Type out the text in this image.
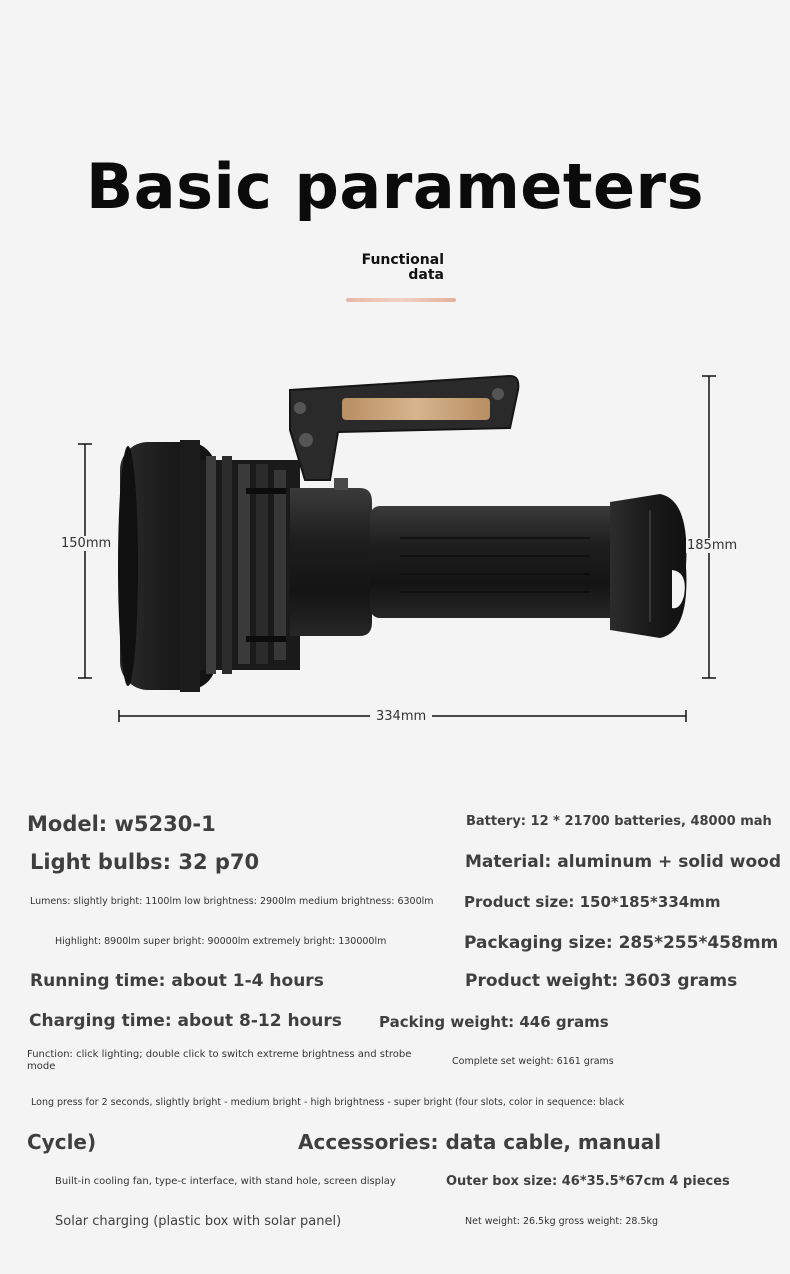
Basic parameters
Functional data
150mm	185mm
334mm
Model: w5230-1	Battery: 12 * 21700 batteries, 48000 mah
Light bulbs: 32 p70	Material: aluminum + solid wood
Lumens: slightly bright: 1100lm low brightness: 2900lm medium brightness: 6300lm Product size: 150*185*334mm
Highlight: 8900lm super bright: 90000lm extremely bright: 130000lm	Packaging size: 285*255*458mm
Running time: about 1-4 hours	Product weight: 3603 grams
Charging time: about 8-12 hours Packing weight: 446 grams
Function: click lighting; double click to switch extreme brightness and strobe mode	Complete set weight: 6161 grams
Long press for 2 seconds, slightly bright - medium bright - high brightness - super bright (four slots, color in sequence: black
Cycle)	Accessories: data cable, manual
Built-in cooling fan, type-c interface, with stand hole, screen display	Outer box size: 46*35.5*67cm 4 pieces
Solar charging (plastic box with solar panel)	Net weight: 26.5kg gross weight: 28.5kg
